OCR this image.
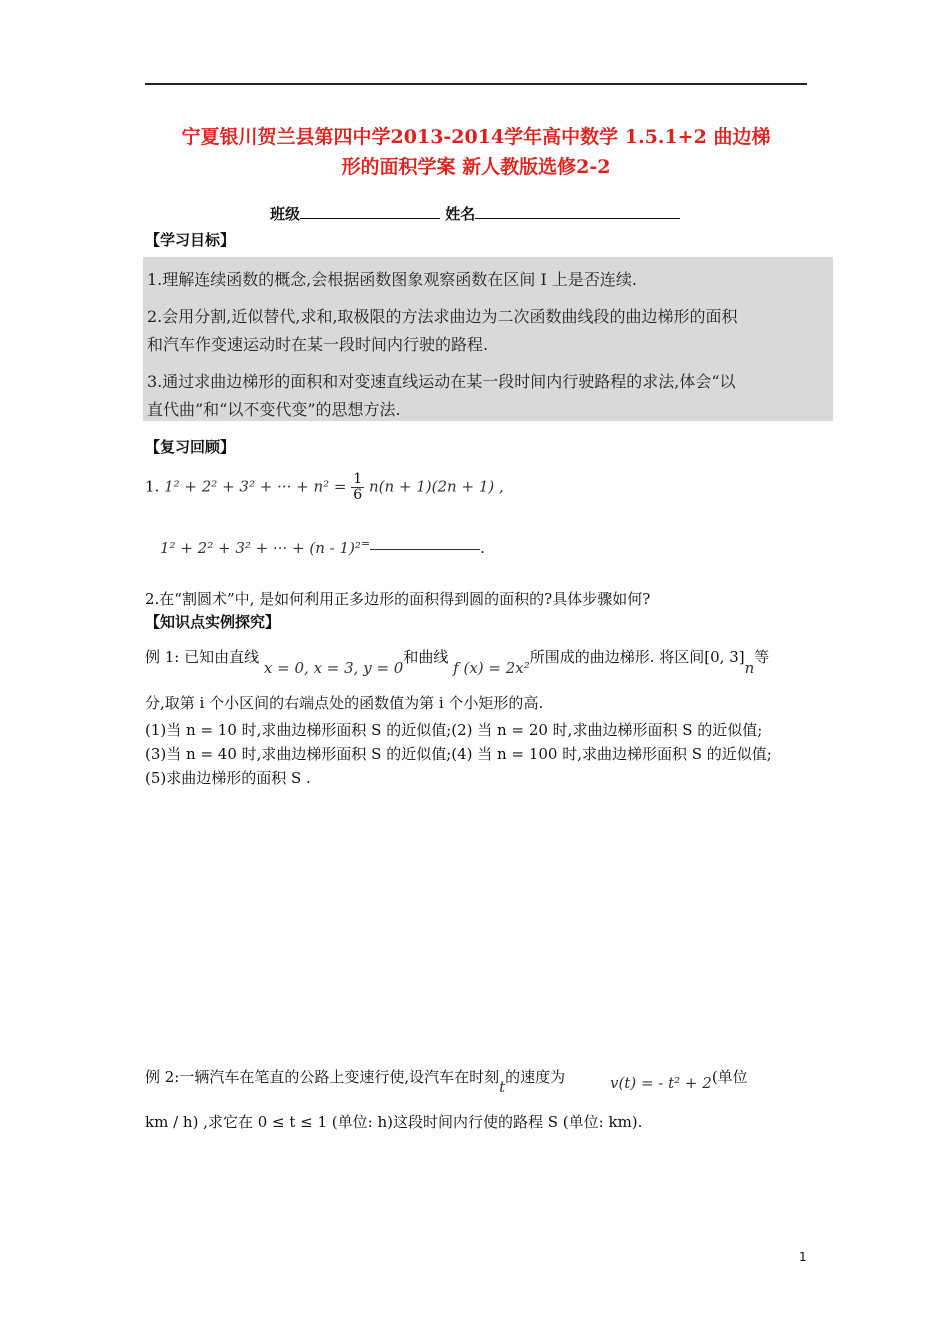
宁夏银川贺兰县第四中学2013-2014学年高中数学 1.5.1+2 曲边梯
形的面积学案 新人教版选修2-2
班级	姓名
【学习目标】
1.理解连续函数的概念,会根据函数图象观察函数在区间 I 上是否连续.
2.会用分割,近似替代,求和,取极限的方法求曲边为二次函数曲线段的曲边梯形的面积
和汽车作变速运动时在某一段时间内行驶的路程.
3.通过求曲边梯形的面积和对变速直线运动在某一段时间内行驶路程的求法,体会“以
直代曲”和“以不变代变”的思想方法.
【复习回顾】
1. 1² + 2² + 3² + ··· + $n^2 = \frac{1}{6} n(n + 1)(2n + 1)$ ,
1² + 2² + 3² + ··· + (n - 1)²=	.
2.在“割圆术”中, 是如何利用正多边形的面积得到圆的面积的?具体步骤如何?
【知识点实例探究】
例 1: 已知由直线 x = 0, x = 3, y = 0和曲线 f (x) = 2x²所围成的曲边梯形. 将区间[0, 3]n等
分,取第 i 个小区间的右端点处的函数值为第 i 个小矩形的高.
(1)当 n = 10 时,求曲边梯形面积 S 的近似值;(2) 当 n = 20 时,求曲边梯形面积 S 的近似值;
(3)当 n = 40 时,求曲边梯形面积 S 的近似值;(4) 当 n = 100 时,求曲边梯形面积 S 的近似值;
(5)求曲边梯形的面积 S .
例 2:一辆汽车在笔直的公路上变速行使,设汽车在时刻t的速度为	v(t) = - t² + 2(单位
km / h) ,求它在 0 ≤ t ≤ 1 (单位: h)这段时间内行使的路程 S (单位: km).
1
